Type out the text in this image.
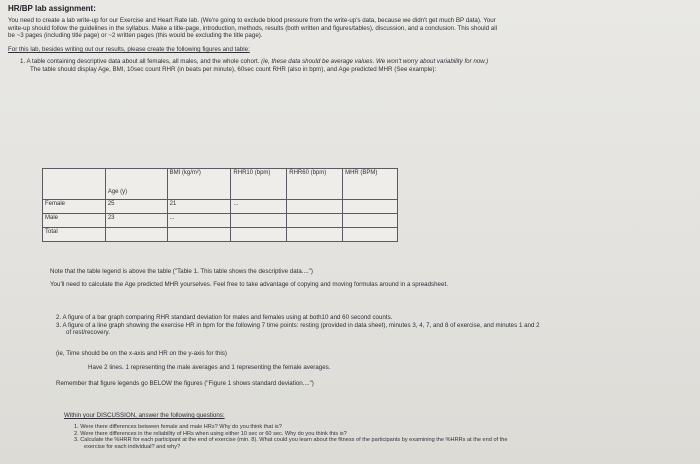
HR/BP lab assignment:
You need to create a lab write-up for our Exercise and Heart Rate lab. (We're going to exclude blood pressure from the write-up's data, because we didn't get much BP data). Your
write-up should follow the guidelines in the syllabus. Make a title-page, introduction, methods, results (both written and figures/tables), discussion, and a conclusion. This should all
be ~3 pages (including title page) or ~2 written pages (this would be excluding the title page).
For this lab, besides writing out our results, please create the following figures and table:
1. A table containing descriptive data about all females, all males, and the whole cohort. (ie, these data should be average values. We won't worry about variability for now.)
The table should display Age, BMI, 10sec count RHR (in beats per minute), 60sec count RHR (also in bpm), and Age predicted MHR (See example):
	Age (y)	BMI (kg/m²)	RHR10 (bpm)	RHR60 (bpm)	MHR (BPM)
Female	25	21	...		
Male	23	...			
Total					
Note that the table legend is above the table ("Table 1. This table shows the descriptive data....")
You'll need to calculate the Age predicted MHR yourselves. Feel free to take advantage of copying and moving formulas around in a spreadsheet.
2. A figure of a bar graph comparing RHR standard deviation for males and females using at both10 and 60 second counts.
3. A figure of a line graph showing the exercise HR in bpm for the following 7 time points: resting (provided in data sheet), minutes 3, 4, 7, and 8 of exercise, and minutes 1 and 2
of rest/recovery.
(ie, Time should be on the x-axis and HR on the y-axis for this)
Have 2 lines. 1 representing the male averages and 1 representing the female averages.
Remember that figure legends go BELOW the figures ("Figure 1 shows standard deviation....")
Within your DISCUSSION, answer the following questions:
1. Were there differences between female and male HRs? Why do you think that is?
2. Were there differences in the reliability of HRs when using either 10 sec or 60 sec. Why do you think this is?
3. Calculate the %HRR for each participant at the end of exercise (min. 8). What could you learn about the fitness of the participants by examining the %HRRs at the end of the
exercise for each individual? and why?
